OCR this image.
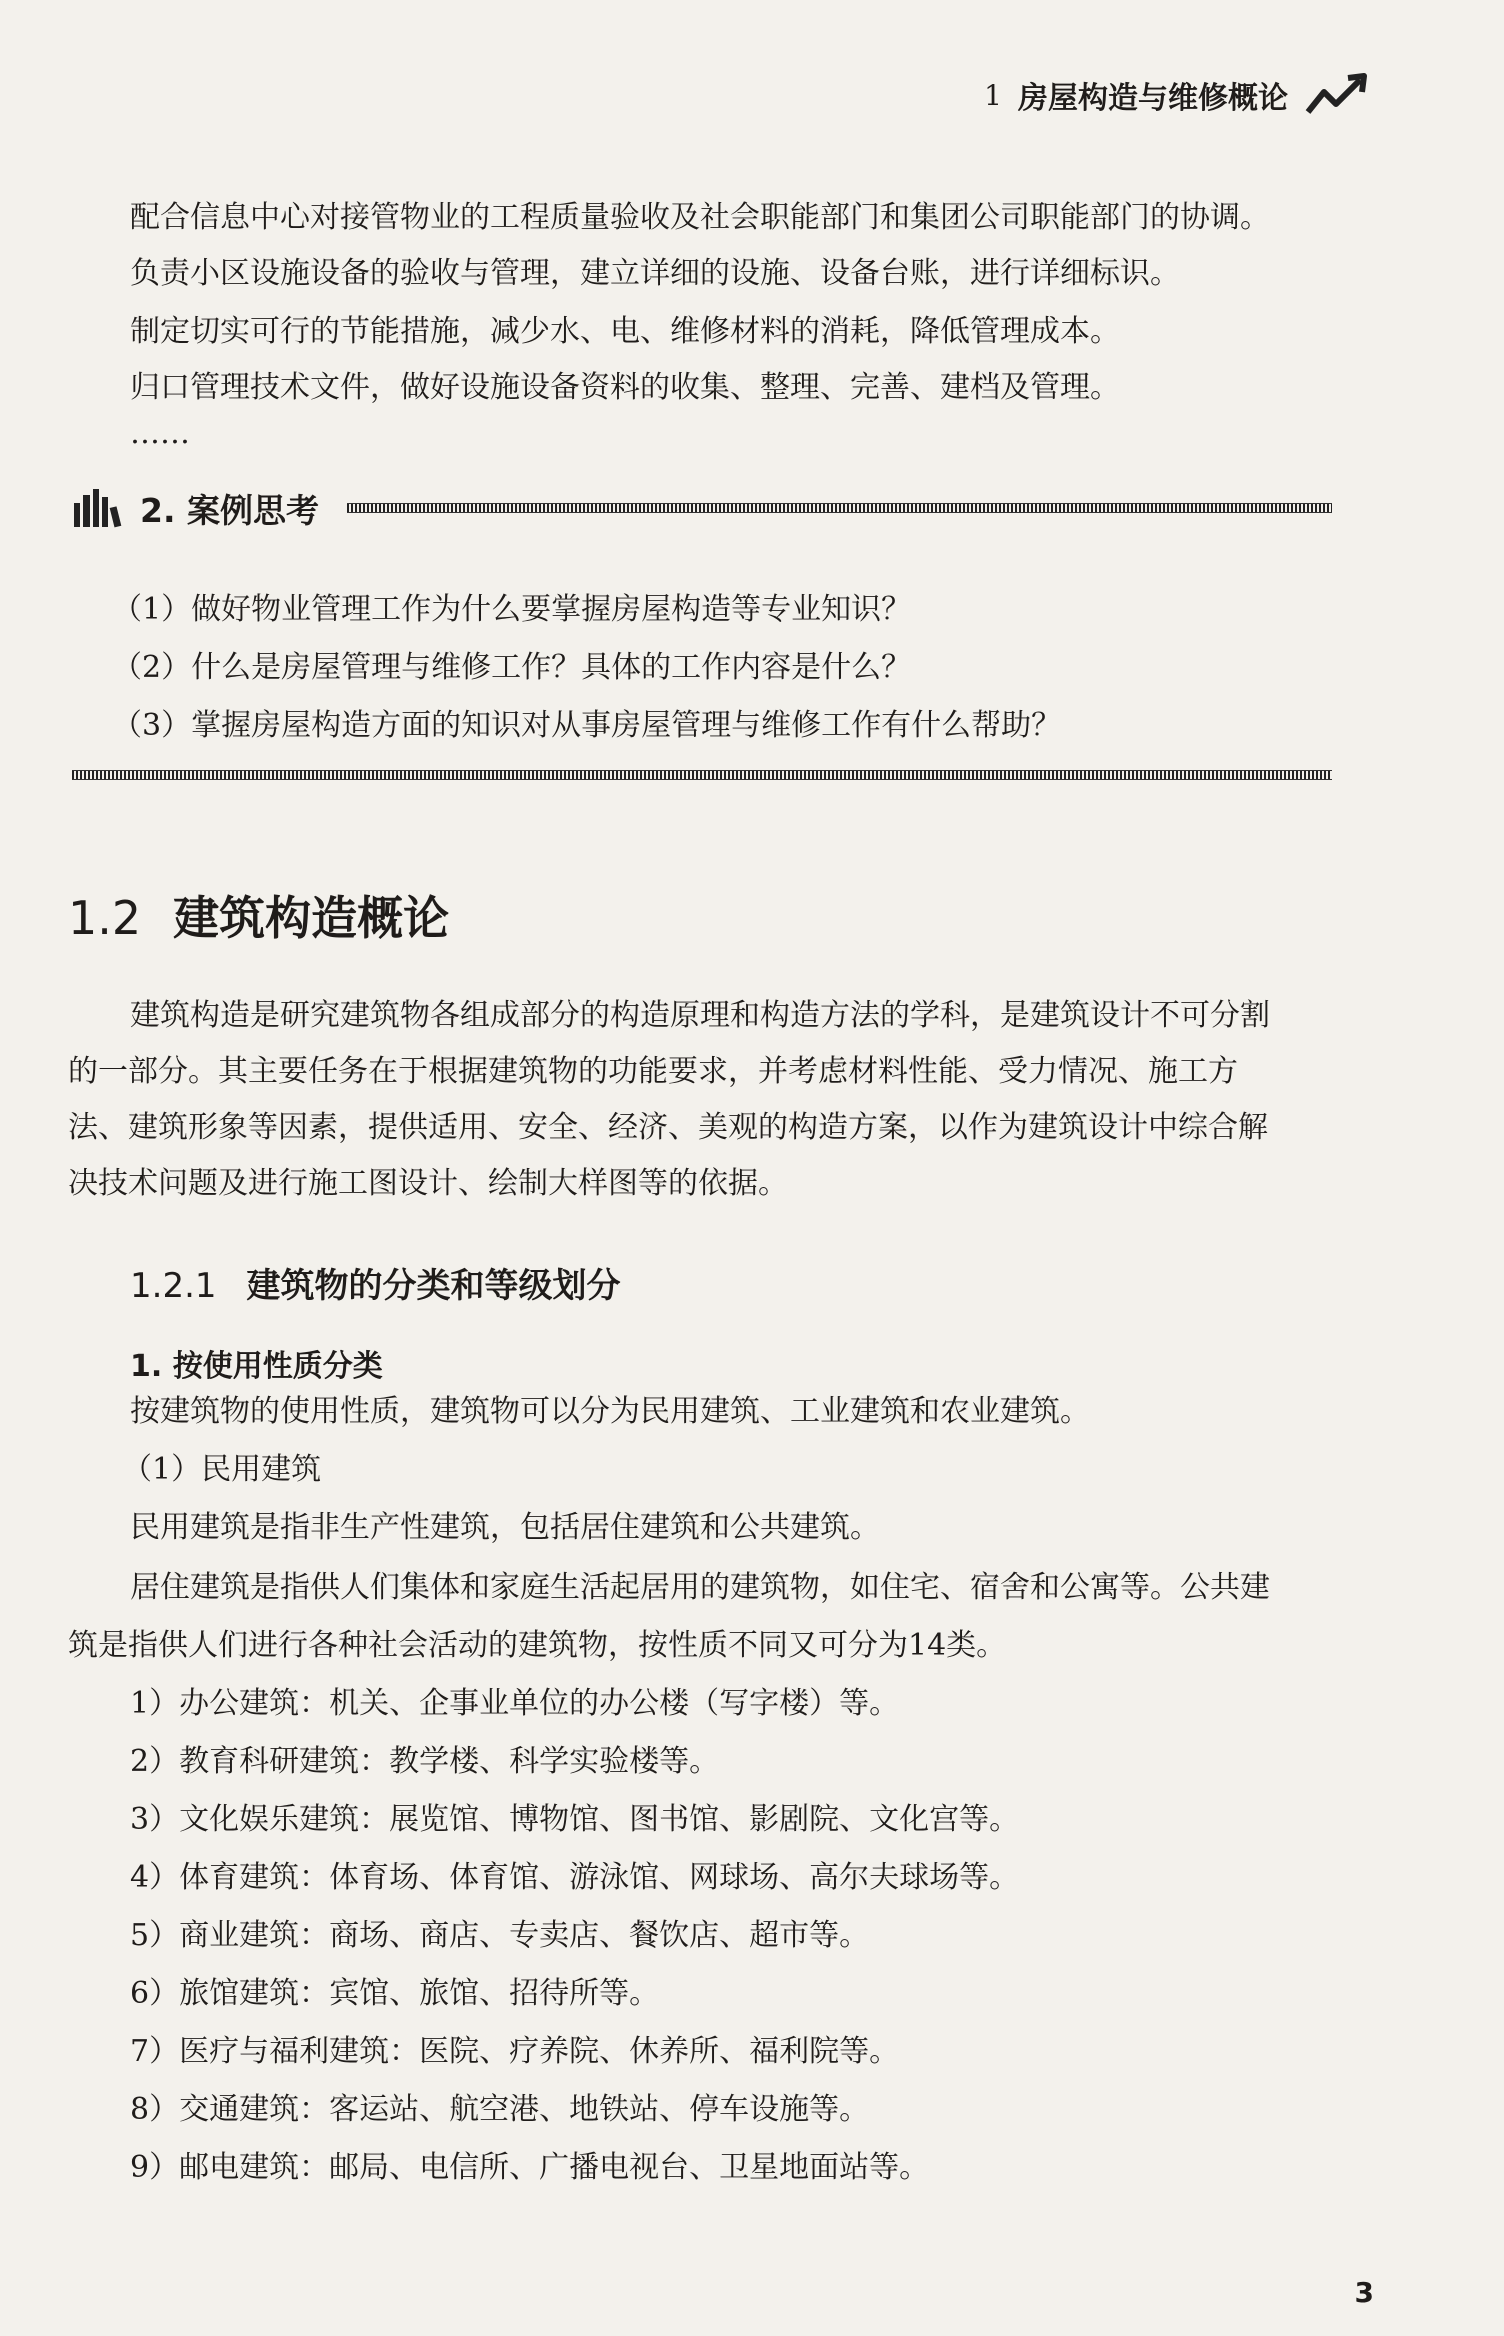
1 房屋构造与维修概论
配合信息中心对接管物业的工程质量验收及社会职能部门和集团公司职能部门的协调。
负责小区设施设备的验收与管理，建立详细的设施、设备台账，进行详细标识。
制定切实可行的节能措施，减少水、电、维修材料的消耗，降低管理成本。
归口管理技术文件，做好设施设备资料的收集、整理、完善、建档及管理。
……
2. 案例思考
（1）做好物业管理工作为什么要掌握房屋构造等专业知识？
（2）什么是房屋管理与维修工作？具体的工作内容是什么？
（3）掌握房屋构造方面的知识对从事房屋管理与维修工作有什么帮助？
1.2 建筑构造概论
建筑构造是研究建筑物各组成部分的构造原理和构造方法的学科，是建筑设计不可分割
的一部分。其主要任务在于根据建筑物的功能要求，并考虑材料性能、受力情况、施工方
法、建筑形象等因素，提供适用、安全、经济、美观的构造方案，以作为建筑设计中综合解
决技术问题及进行施工图设计、绘制大样图等的依据。
1.2.1 建筑物的分类和等级划分
1. 按使用性质分类
按建筑物的使用性质，建筑物可以分为民用建筑、工业建筑和农业建筑。
（1）民用建筑
民用建筑是指非生产性建筑，包括居住建筑和公共建筑。
居住建筑是指供人们集体和家庭生活起居用的建筑物，如住宅、宿舍和公寓等。公共建
筑是指供人们进行各种社会活动的建筑物，按性质不同又可分为14类。
1）办公建筑：机关、企事业单位的办公楼（写字楼）等。
2）教育科研建筑：教学楼、科学实验楼等。
3）文化娱乐建筑：展览馆、博物馆、图书馆、影剧院、文化宫等。
4）体育建筑：体育场、体育馆、游泳馆、网球场、高尔夫球场等。
5）商业建筑：商场、商店、专卖店、餐饮店、超市等。
6）旅馆建筑：宾馆、旅馆、招待所等。
7）医疗与福利建筑：医院、疗养院、休养所、福利院等。
8）交通建筑：客运站、航空港、地铁站、停车设施等。
9）邮电建筑：邮局、电信所、广播电视台、卫星地面站等。
3
